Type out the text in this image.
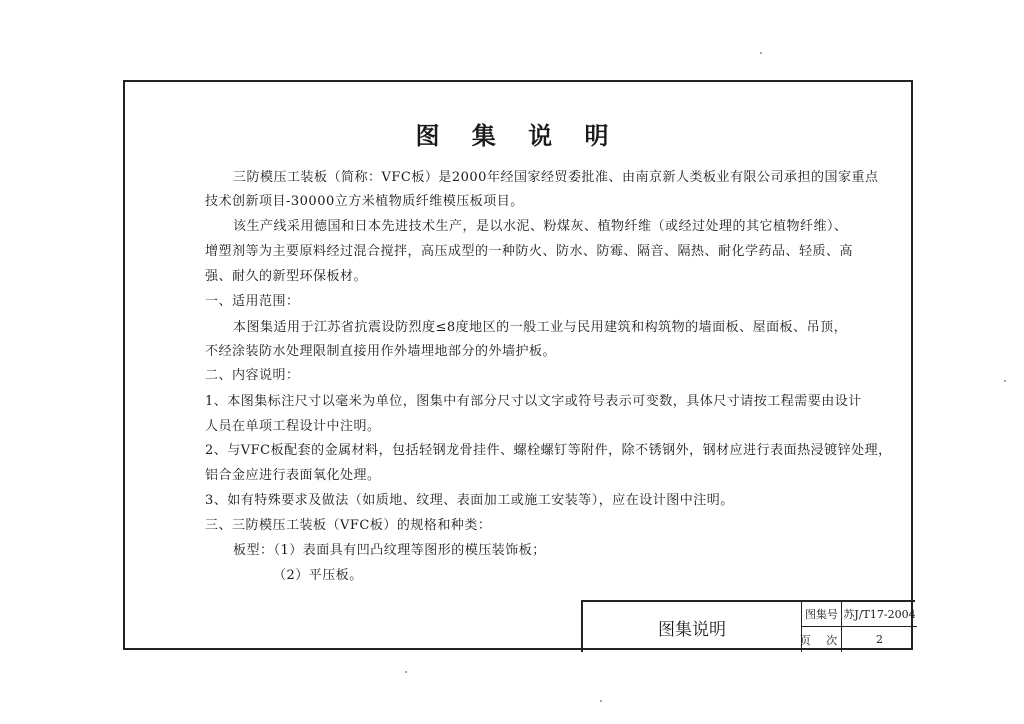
图 集 说 明
三防模压工装板（简称：VFC板）是2000年经国家经贸委批准、由南京新人类板业有限公司承担的国家重点
技术创新项目-30000立方米植物质纤维模压板项目。
该生产线采用德国和日本先进技术生产，是以水泥、粉煤灰、植物纤维（或经过处理的其它植物纤维）、
增塑剂等为主要原料经过混合搅拌，高压成型的一种防火、防水、防霉、隔音、隔热、耐化学药品、轻质、高
强、耐久的新型环保板材。
一、适用范围：
本图集适用于江苏省抗震设防烈度≤8度地区的一般工业与民用建筑和构筑物的墙面板、屋面板、吊顶，
不经涂装防水处理限制直接用作外墙埋地部分的外墙护板。
二、内容说明：
1、本图集标注尺寸以毫米为单位，图集中有部分尺寸以文字或符号表示可变数，具体尺寸请按工程需要由设计
人员在单项工程设计中注明。
2、与VFC板配套的金属材料，包括轻钢龙骨挂件、螺栓螺钉等附件，除不锈钢外，钢材应进行表面热浸镀锌处理，
铝合金应进行表面氧化处理。
3、如有特殊要求及做法（如质地、纹理、表面加工或施工安装等），应在设计图中注明。
三、三防模压工装板（VFC板）的规格和种类：
板型：（1）表面具有凹凸纹理等图形的模压装饰板；
（2）平压板。
图集说明
图集号 苏J/T17-2004
页 次	2
